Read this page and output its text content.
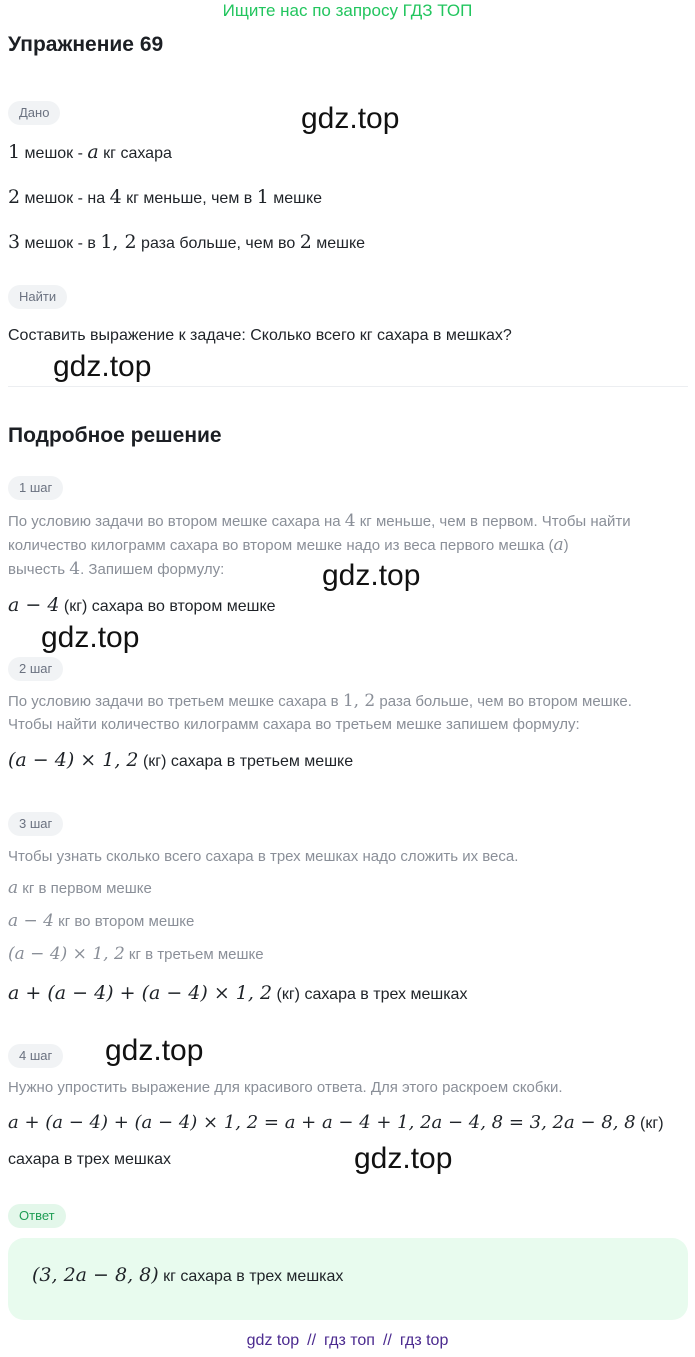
Ищите нас по запросу ГДЗ ТОП
Упражнение 69
Дано	gdz.top
1 мешок - a кг сахара
2 мешок - на 4 кг меньше, чем в 1 мешке
3 мешок - в 1, 2 раза больше, чем во 2 мешке
Найти
Составить выражение к задаче: Сколько всего кг сахара в мешках?
gdz.top
Подробное решение
1 шаг
По условию задачи во втором мешке сахара на 4 кг меньше, чем в первом. Чтобы найти
количество килограмм сахара во втором мешке надо из веса первого мешка (a)
вычесть 4. Запишем формулу:	gdz.top
a − 4 (кг) сахара во втором мешке
gdz.top
2 шаг
По условию задачи во третьем мешке сахара в 1, 2 раза больше, чем во втором мешке.
Чтобы найти количество килограмм сахара во третьем мешке запишем формулу:
(a − 4) × 1, 2 (кг) сахара в третьем мешке
3 шаг
Чтобы узнать сколько всего сахара в трех мешках надо сложить их веса.
a кг в первом мешке
a − 4 кг во втором мешке
(a − 4) × 1, 2 кг в третьем мешке
a + (a − 4) + (a − 4) × 1, 2 (кг) сахара в трех мешках
4 шаг	gdz.top
Нужно упростить выражение для красивого ответа. Для этого раскроем скобки.
a + (a − 4) + (a − 4) × 1, 2 = a + a − 4 + 1, 2a − 4, 8 = 3, 2a − 8, 8 (кг)
сахара в трех мешках	gdz.top
Ответ
(3, 2a − 8, 8) кг сахара в трех мешках
gdz top // гдз топ // гдз top
